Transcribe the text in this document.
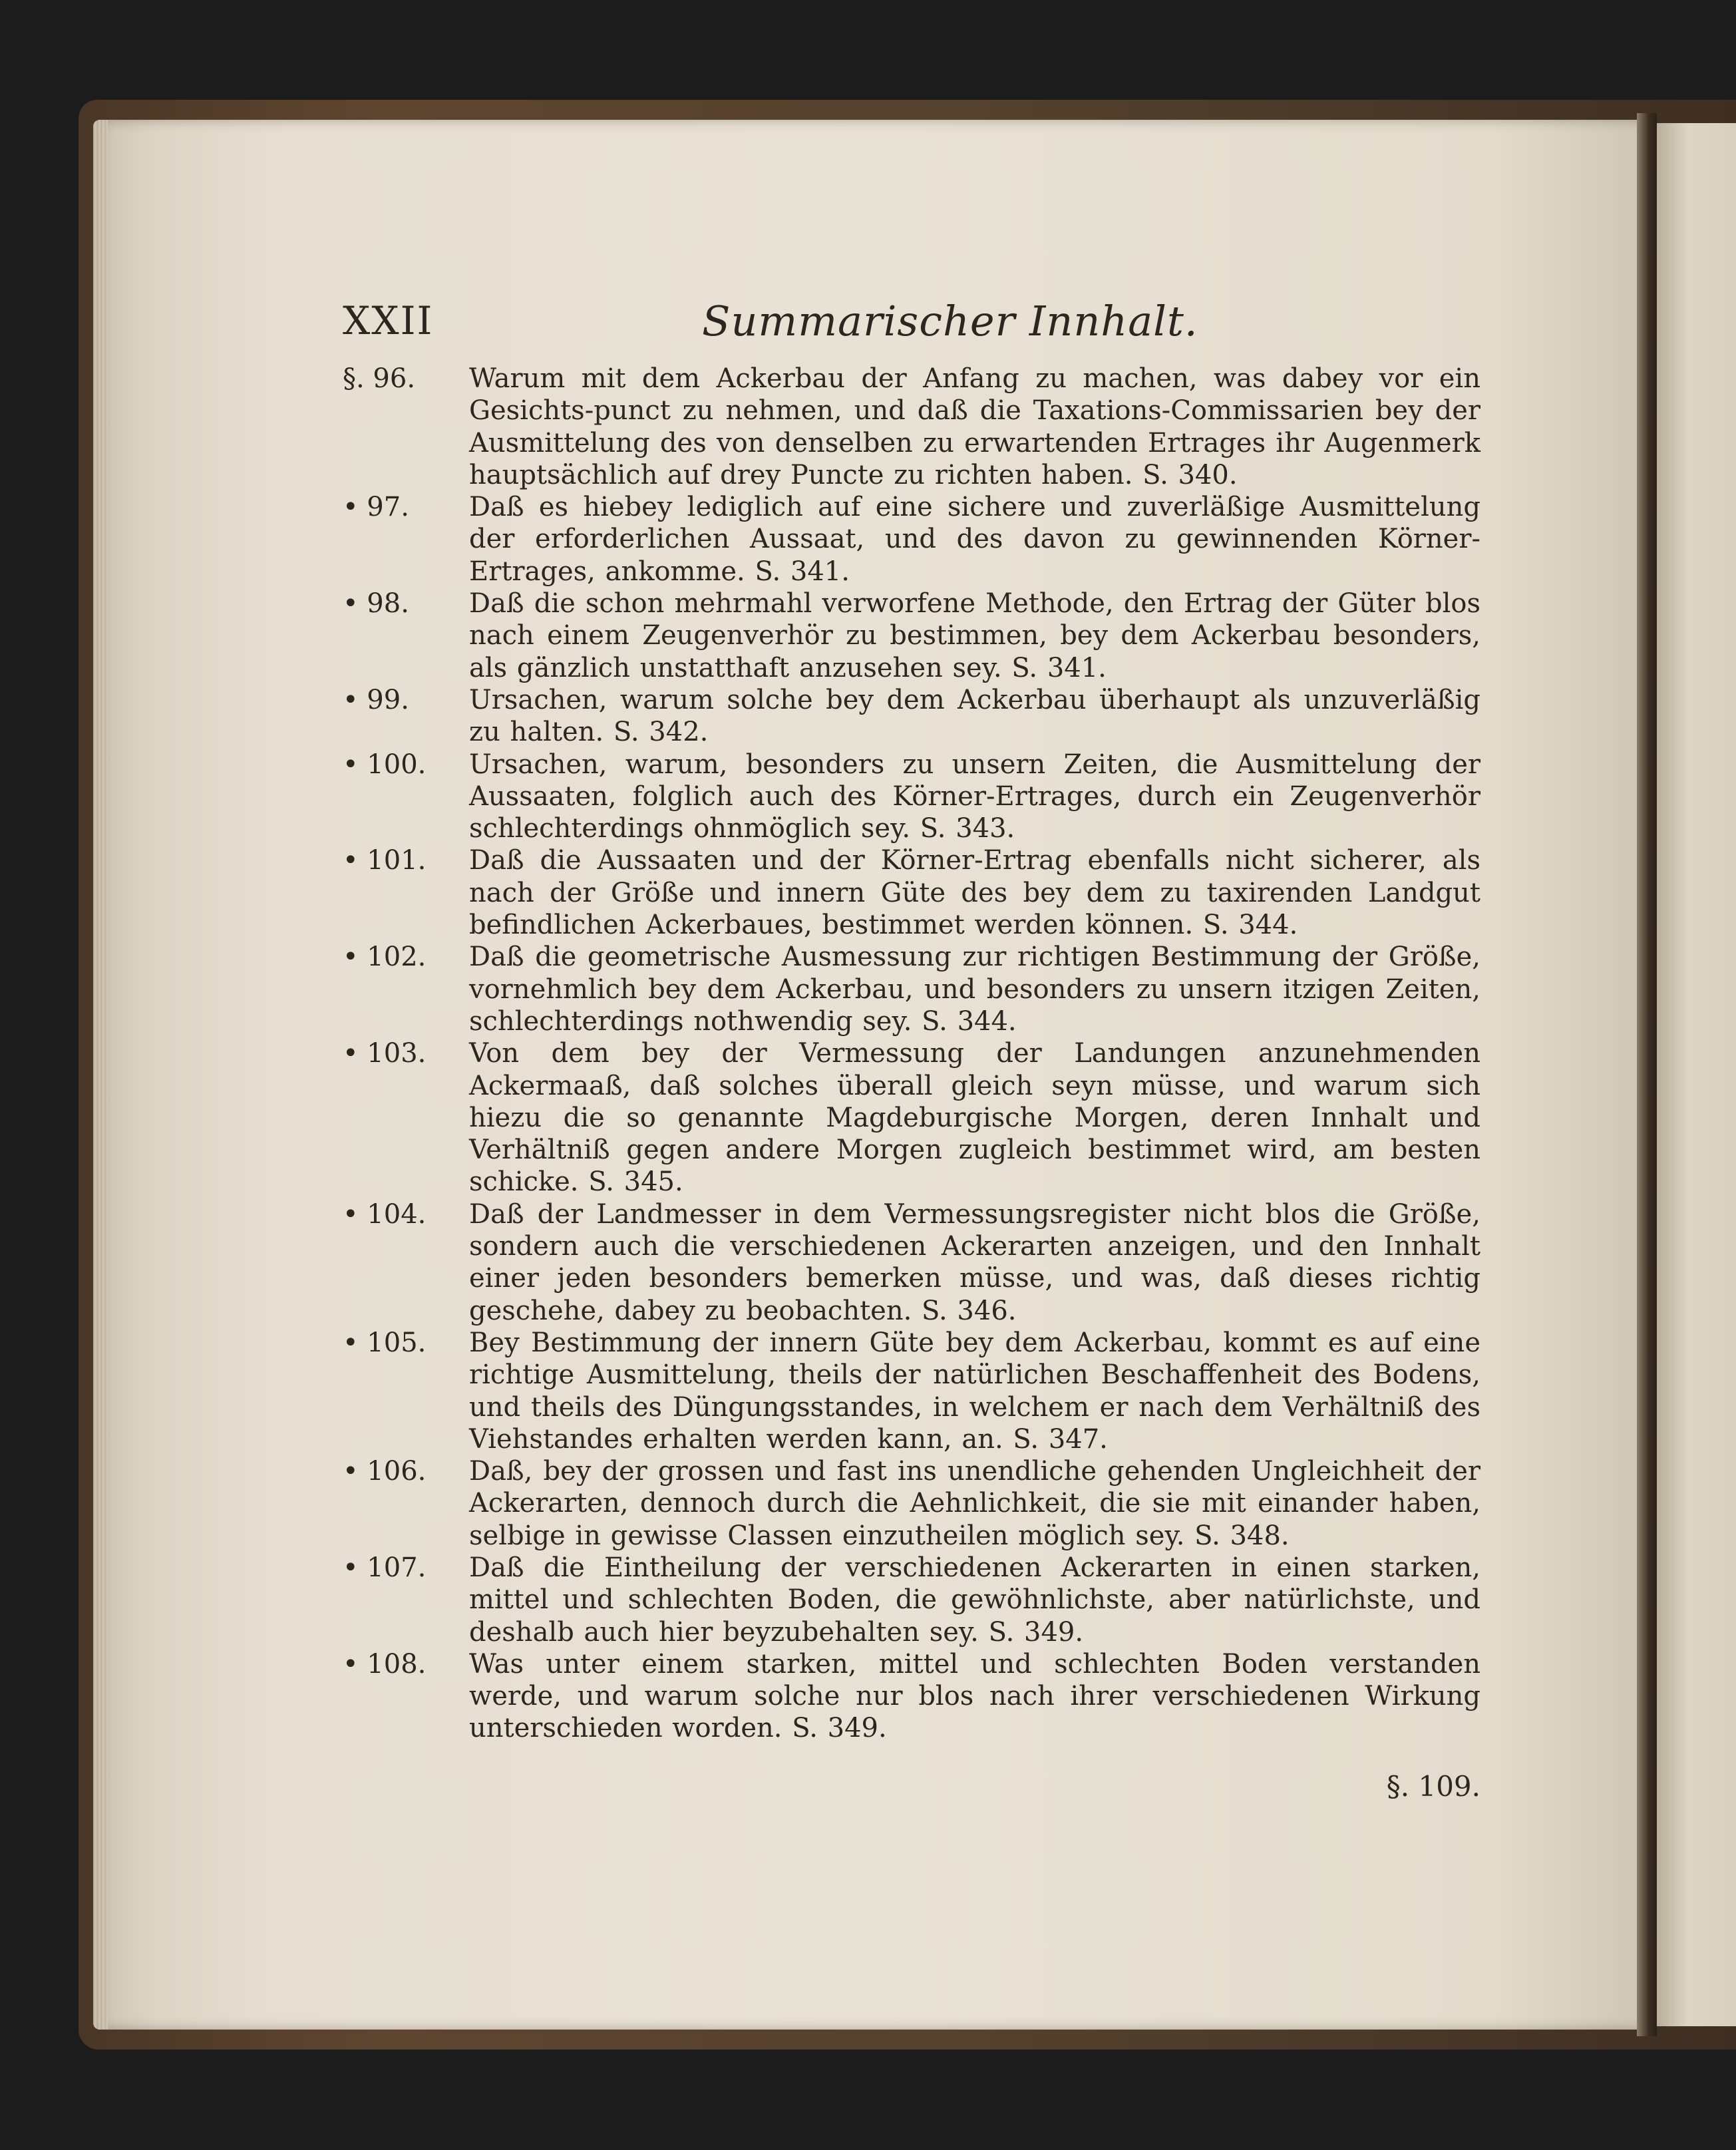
XXII	Summarischer Innhalt.
§. 96.	Warum mit dem Ackerbau der Anfang zu machen, was dabey vor ein Gesichts-punct zu nehmen, und daß die Taxations-Commissarien bey der Ausmittelung des von denselben zu erwartenden Ertrages ihr Augenmerk hauptsächlich auf drey Puncte zu richten haben. S. 340.
• 97.	Daß es hiebey lediglich auf eine sichere und zuverläßige Ausmittelung der erforderlichen Aussaat, und des davon zu gewinnenden Körner-Ertrages, ankomme. S. 341.
• 98.	Daß die schon mehrmahl verworfene Methode, den Ertrag der Güter blos nach einem Zeugenverhör zu bestimmen, bey dem Ackerbau besonders, als gänzlich unstatthaft anzusehen sey. S. 341.
• 99.	Ursachen, warum solche bey dem Ackerbau überhaupt als unzuverläßig zu halten. S. 342.
• 100.	Ursachen, warum, besonders zu unsern Zeiten, die Ausmittelung der Aussaaten, folglich auch des Körner-Ertrages, durch ein Zeugenverhör schlechterdings ohnmöglich sey. S. 343.
• 101.	Daß die Aussaaten und der Körner-Ertrag ebenfalls nicht sicherer, als nach der Größe und innern Güte des bey dem zu taxirenden Landgut befindlichen Ackerbaues, bestimmet werden können. S. 344.
• 102.	Daß die geometrische Ausmessung zur richtigen Bestimmung der Größe, vornehmlich bey dem Ackerbau, und besonders zu unsern itzigen Zeiten, schlechterdings nothwendig sey. S. 344.
• 103.	Von dem bey der Vermessung der Landungen anzunehmenden Ackermaaß, daß solches überall gleich seyn müsse, und warum sich hiezu die so genannte Magdeburgische Morgen, deren Innhalt und Verhältniß gegen andere Morgen zugleich bestimmet wird, am besten schicke. S. 345.
• 104.	Daß der Landmesser in dem Vermessungsregister nicht blos die Größe, sondern auch die verschiedenen Ackerarten anzeigen, und den Innhalt einer jeden besonders bemerken müsse, und was, daß dieses richtig geschehe, dabey zu beobachten. S. 346.
• 105.	Bey Bestimmung der innern Güte bey dem Ackerbau, kommt es auf eine richtige Ausmittelung, theils der natürlichen Beschaffenheit des Bodens, und theils des Düngungsstandes, in welchem er nach dem Verhältniß des Viehstandes erhalten werden kann, an. S. 347.
• 106.	Daß, bey der grossen und fast ins unendliche gehenden Ungleichheit der Ackerarten, dennoch durch die Aehnlichkeit, die sie mit einander haben, selbige in gewisse Classen einzutheilen möglich sey. S. 348.
• 107.	Daß die Eintheilung der verschiedenen Ackerarten in einen starken, mittel und schlechten Boden, die gewöhnlichste, aber natürlichste, und deshalb auch hier beyzubehalten sey. S. 349.
• 108.	Was unter einem starken, mittel und schlechten Boden verstanden werde, und warum solche nur blos nach ihrer verschiedenen Wirkung unterschieden worden. S. 349.
§. 109.
